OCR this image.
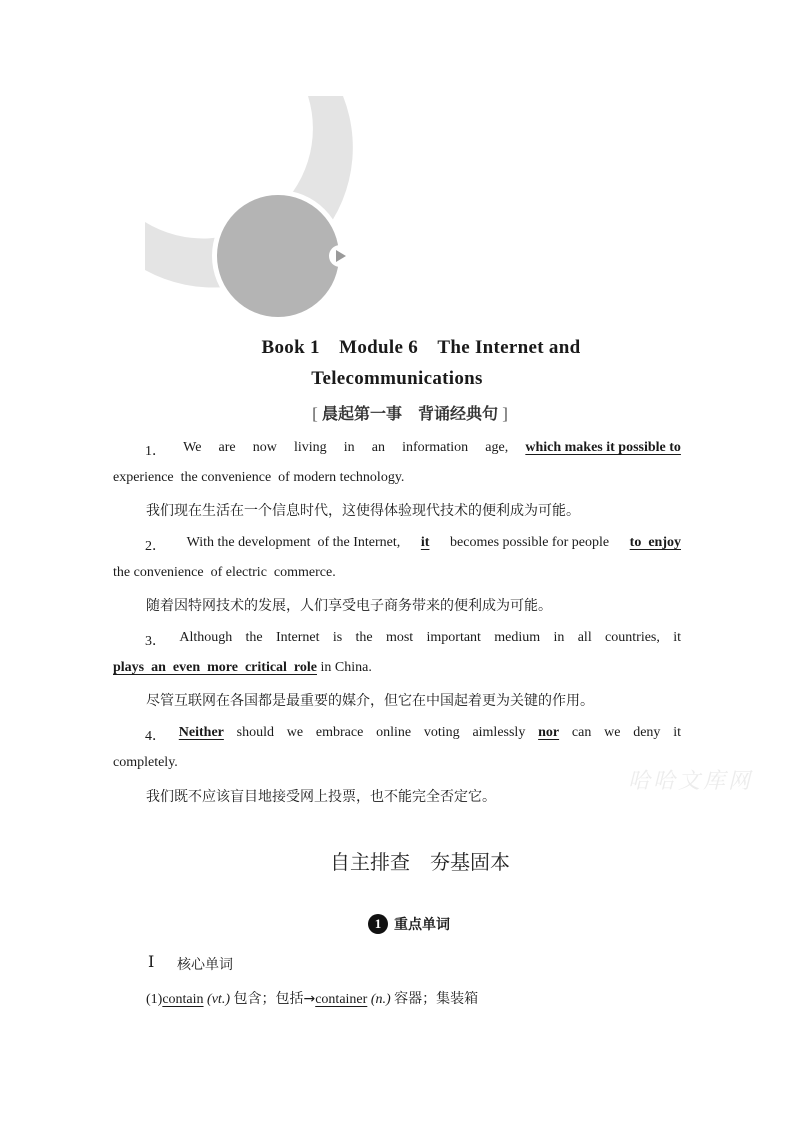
Book 1　Module 6　The Internet and
Telecommunications
[ 晨起第一事　背诵经典句 ]
1． We are now living in an information age, which makes it possible to
experience  the convenience  of modern technology.
我们现在生活在一个信息时代，这使得体验现代技术的便利成为可能。
2． With the development  of the Internet, it becomes possible for people to  enjoy
the convenience  of electric  commerce.
随着因特网技术的发展，人们享受电子商务带来的便利成为可能。
3． Although the Internet is the most important medium in all countries, it
plays  an  even  more  critical  role in China.
尽管互联网在各国都是最重要的媒介，但它在中国起着更为关键的作用。
4． Neither should we embrace online voting aimlessly nor can we deny it
completely.
我们既不应该盲目地接受网上投票，也不能完全否定它。
哈哈文库网
自主排查　夯基固本
1 重点单词
Ⅰ 核心单词
(1)contain (vt.) 包含；包括→container (n.) 容器；集装箱
